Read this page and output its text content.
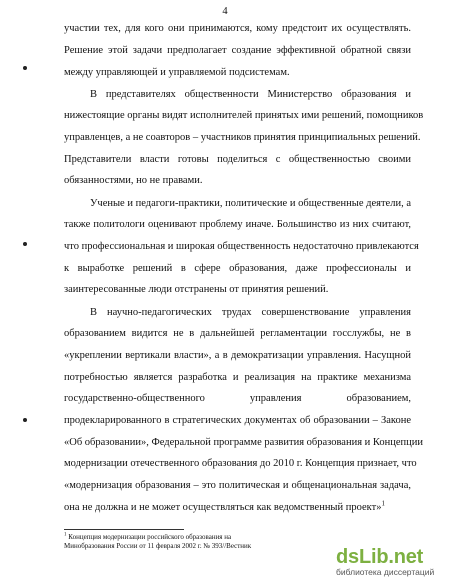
4
участии тех, для кого они принимаются, кому предстоит их осуществлять.
Решение этой задачи предполагает создание эффективной обратной связи
между управляющей и управляемой подсистемам.
В представителях общественности Министерство образования и
нижестоящие органы видят исполнителей принятых ими решений, помощников
управленцев, а не соавторов – участников принятия принципиальных решений.
Представители власти готовы поделиться с общественностью своими
обязанностями, но не правами.
Ученые и педагоги-практики, политические и общественные деятели, а
также политологи оценивают проблему иначе. Большинство из них считают,
что профессиональная и широкая общественность недостаточно привлекаются
к выработке решений в сфере образования, даже профессионалы и
заинтересованные люди отстранены от принятия решений.
В научно-педагогических трудах совершенствование управления
образованием видится не в дальнейшей регламентации госслужбы, не в
«укреплении вертикали власти», а в демократизации управления. Насущной
потребностью является разработка и реализация на практике механизма
государственно-общественного управления образованием,
продекларированного в стратегических документах об образовании – Законе
«Об образовании», Федеральной программе развития образования и Концепции
модернизации отечественного образования до 2010 г. Концепция признает, что
«модернизация образования – это политическая и общенациональная задача,
она не должна и не может осуществляться как ведомственный проект»$^1$
$^1$ Концепция модернизации российского образования на
Минобразования России от 11 февраля 2002 г. № 393//Вестник	dsLib.net
библиотека диссертаций
